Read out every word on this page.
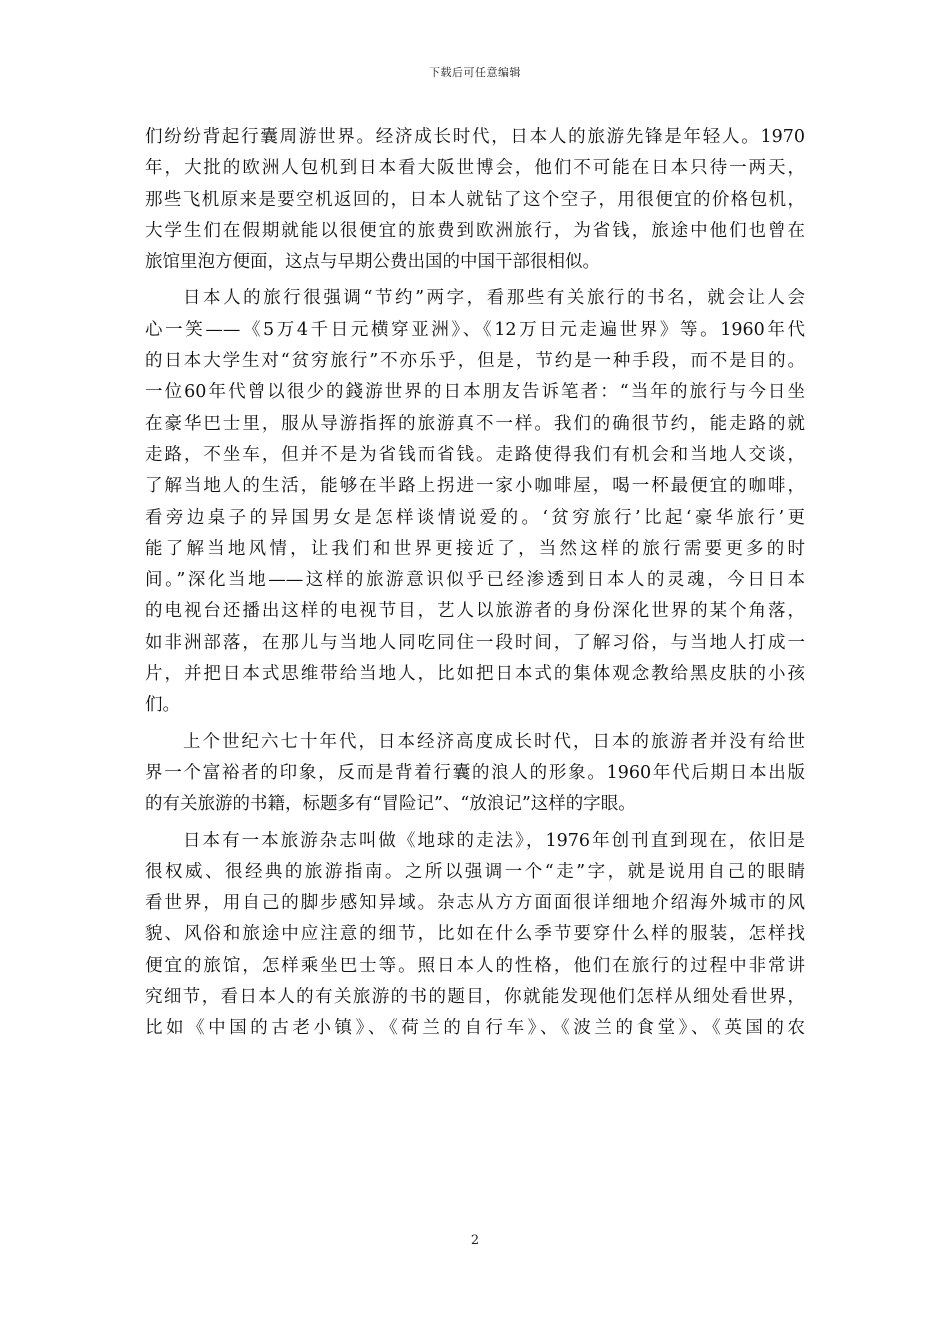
下载后可任意编辑
们纷纷背起行囊周游世界。经济成长时代，日本人的旅游先锋是年轻人。1970
年，大批的欧洲人包机到日本看大阪世博会，他们不可能在日本只待一两天，
那些飞机原来是要空机返回的，日本人就钻了这个空子，用很便宜的价格包机，
大学生们在假期就能以很便宜的旅费到欧洲旅行，为省钱，旅途中他们也曾在
旅馆里泡方便面，这点与早期公费出国的中国干部很相似。
日本人的旅行很强调“节约”两字，看那些有关旅行的书名，就会让人会
心一笑——《5万4千日元横穿亚洲》、《12万日元走遍世界》等。1960年代
的日本大学生对“贫穷旅行”不亦乐乎，但是，节约是一种手段，而不是目的。
一位60年代曾以很少的錢游世界的日本朋友告诉笔者：“当年的旅行与今日坐
在豪华巴士里，服从导游指挥的旅游真不一样。我们的确很节约，能走路的就
走路，不坐车，但并不是为省钱而省钱。走路使得我们有机会和当地人交谈，
了解当地人的生活，能够在半路上拐进一家小咖啡屋，喝一杯最便宜的咖啡，
看旁边桌子的异国男女是怎样谈情说爱的。‘贫穷旅行’比起‘豪华旅行’更
能了解当地风情，让我们和世界更接近了，当然这样的旅行需要更多的时
间。”深化当地——这样的旅游意识似乎已经渗透到日本人的灵魂，今日日本
的电视台还播出这样的电视节目，艺人以旅游者的身份深化世界的某个角落，
如非洲部落，在那儿与当地人同吃同住一段时间，了解习俗，与当地人打成一
片，并把日本式思维带给当地人，比如把日本式的集体观念教给黑皮肤的小孩
们。
上个世纪六七十年代，日本经济高度成长时代，日本的旅游者并没有给世
界一个富裕者的印象，反而是背着行囊的浪人的形象。1960年代后期日本出版
的有关旅游的书籍，标题多有“冒险记”、“放浪记”这样的字眼。
日本有一本旅游杂志叫做《地球的走法》，1976年创刊直到现在，依旧是
很权威、很经典的旅游指南。之所以强调一个“走”字，就是说用自己的眼睛
看世界，用自己的脚步感知异域。杂志从方方面面很详细地介绍海外城市的风
貌、风俗和旅途中应注意的细节，比如在什么季节要穿什么样的服装，怎样找
便宜的旅馆，怎样乘坐巴士等。照日本人的性格，他们在旅行的过程中非常讲
究细节，看日本人的有关旅游的书的题目，你就能发现他们怎样从细处看世界，
比如《中国的古老小镇》、《荷兰的自行车》、《波兰的食堂》、《英国的农
2
